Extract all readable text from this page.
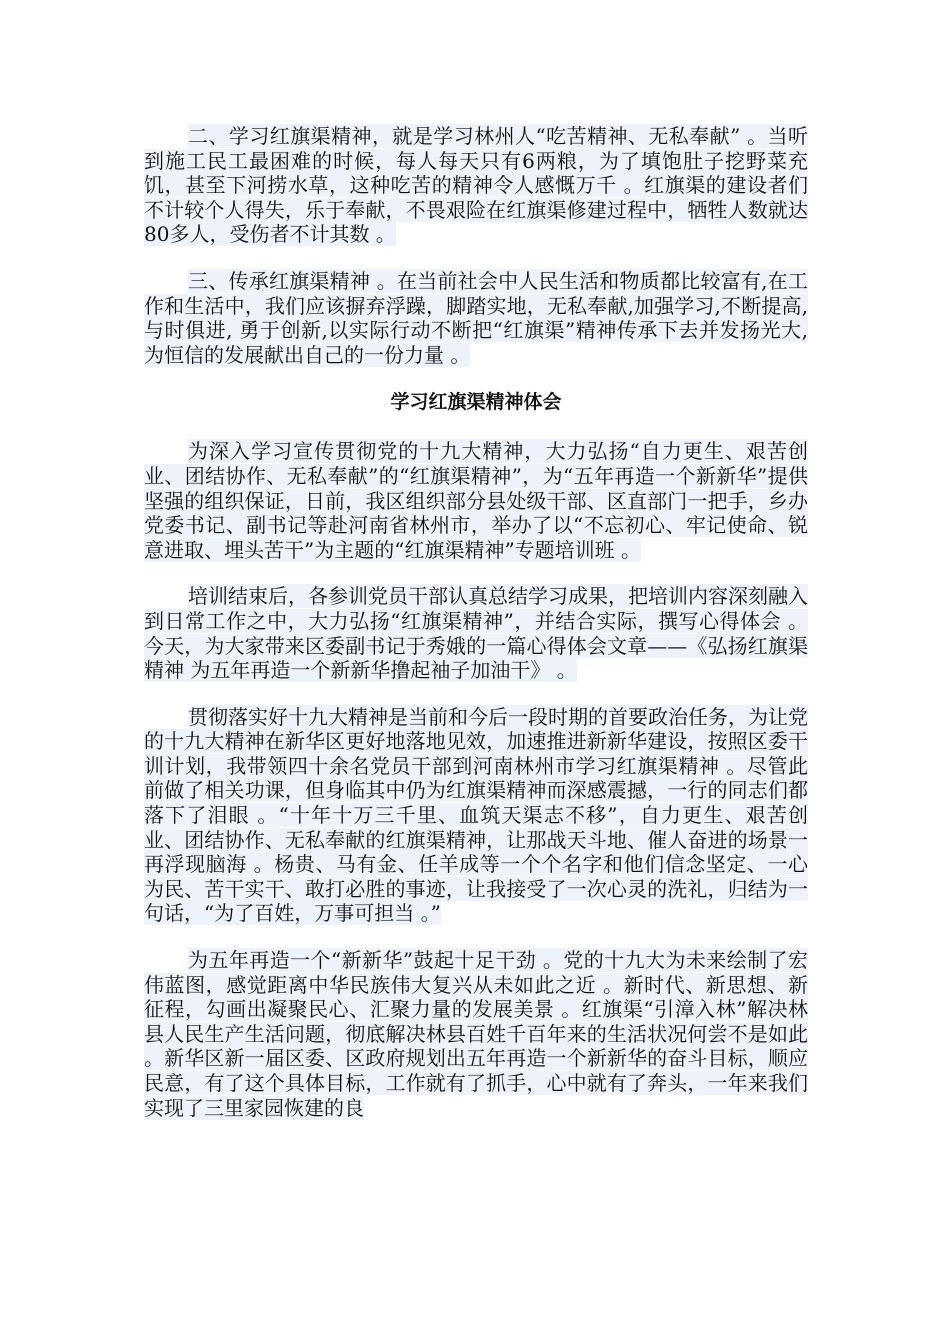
二、学习红旗渠精神，就是学习林州人“吃苦精神、无私奉献” 。当听到施工民工最困难的时候，每人每天只有6两粮，为了填饱肚子挖野菜充饥，甚至下河捞水草，这种吃苦的精神令人感慨万千 。红旗渠的建设者们不计较个人得失，乐于奉献，不畏艰险在红旗渠修建过程中，牺牲人数就达80多人，受伤者不计其数 。

三、传承红旗渠精神 。在当前社会中人民生活和物质都比较富有,在工作和生活中，我们应该摒弃浮躁，脚踏实地，无私奉献,加强学习,不断提高,与时俱进, 勇于创新,以实际行动不断把“红旗渠”精神传承下去并发扬光大,为恒信的发展献出自己的一份力量 。

学习红旗渠精神体会

为深入学习宣传贯彻党的十九大精神，大力弘扬“自力更生、艰苦创业、团结协作、无私奉献”的“红旗渠精神”，为“五年再造一个新新华”提供坚强的组织保证，日前，我区组织部分县处级干部、区直部门一把手，乡办党委书记、副书记等赴河南省林州市，举办了以“不忘初心、牢记使命、锐意进取、埋头苦干”为主题的“红旗渠精神”专题培训班 。

培训结束后，各参训党员干部认真总结学习成果，把培训内容深刻融入到日常工作之中，大力弘扬“红旗渠精神”，并结合实际，撰写心得体会 。今天，为大家带来区委副书记于秀娥的一篇心得体会文章——《弘扬红旗渠精神 为五年再造一个新新华撸起袖子加油干》 。

贯彻落实好十九大精神是当前和今后一段时期的首要政治任务，为让党的十九大精神在新华区更好地落地见效，加速推进新新华建设，按照区委干训计划，我带领四十余名党员干部到河南林州市学习红旗渠精神 。尽管此前做了相关功课，但身临其中仍为红旗渠精神而深感震撼，一行的同志们都落下了泪眼 。“十年十万三千里、血筑天渠志不移”，自力更生、艰苦创业、团结协作、无私奉献的红旗渠精神，让那战天斗地、催人奋进的场景一再浮现脑海 。杨贵、马有金、任羊成等一个个名字和他们信念坚定、一心为民、苦干实干、敢打必胜的事迹，让我接受了一次心灵的洗礼，归结为一句话，“为了百姓，万事可担当 。”

为五年再造一个“新新华”鼓起十足干劲 。党的十九大为未来绘制了宏伟蓝图，感觉距离中华民族伟大复兴从未如此之近 。新时代、新思想、新征程，勾画出凝聚民心、汇聚力量的发展美景 。红旗渠“引漳入林”解决林县人民生产生活问题，彻底解决林县百姓千百年来的生活状况何尝不是如此 。新华区新一届区委、区政府规划出五年再造一个新新华的奋斗目标，顺应民意，有了这个具体目标，工作就有了抓手，心中就有了奔头，一年来我们实现了三里家园恢建的良
